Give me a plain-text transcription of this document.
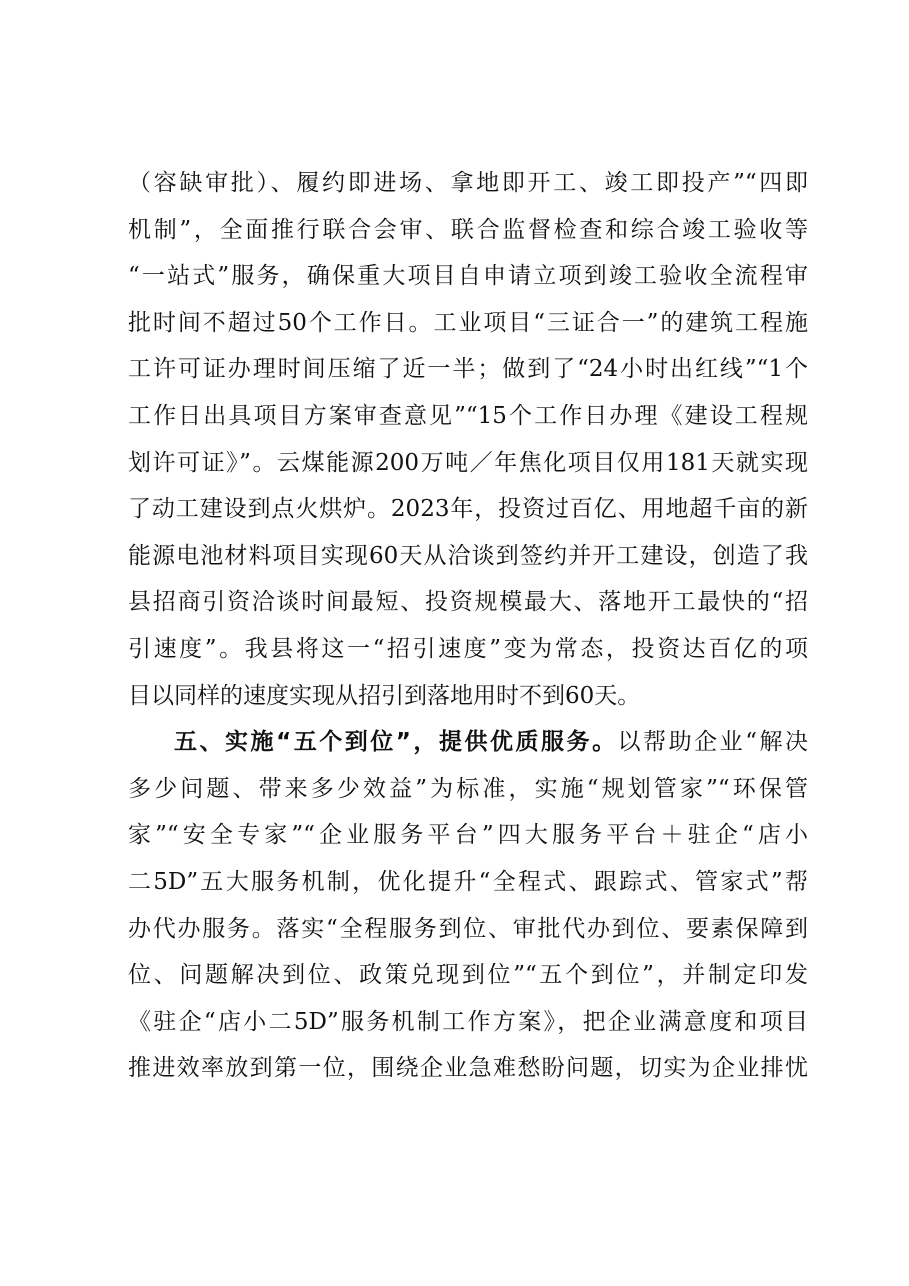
（容缺审批）、履约即进场、拿地即开工、竣工即投产”“四即
机制”，全面推行联合会审、联合监督检查和综合竣工验收等
“一站式”服务，确保重大项目自申请立项到竣工验收全流程审
批时间不超过50个工作日。工业项目“三证合一”的建筑工程施
工许可证办理时间压缩了近一半；做到了“24小时出红线”“1个
工作日出具项目方案审查意见”“15个工作日办理《建设工程规
划许可证》”。云煤能源200万吨／年焦化项目仅用181天就实现
了动工建设到点火烘炉。2023年，投资过百亿、用地超千亩的新
能源电池材料项目实现60天从洽谈到签约并开工建设，创造了我
县招商引资洽谈时间最短、投资规模最大、落地开工最快的“招
引速度”。我县将这一“招引速度”变为常态，投资达百亿的项
目以同样的速度实现从招引到落地用时不到60天。
五、实施“五个到位”，提供优质服务。以帮助企业“解决
多少问题、带来多少效益”为标准，实施“规划管家”“环保管
家”“安全专家”“企业服务平台”四大服务平台＋驻企“店小
二5D”五大服务机制，优化提升“全程式、跟踪式、管家式”帮
办代办服务。落实“全程服务到位、审批代办到位、要素保障到
位、问题解决到位、政策兑现到位”“五个到位”，并制定印发
《驻企“店小二5D”服务机制工作方案》，把企业满意度和项目
推进效率放到第一位，围绕企业急难愁盼问题，切实为企业排忧
